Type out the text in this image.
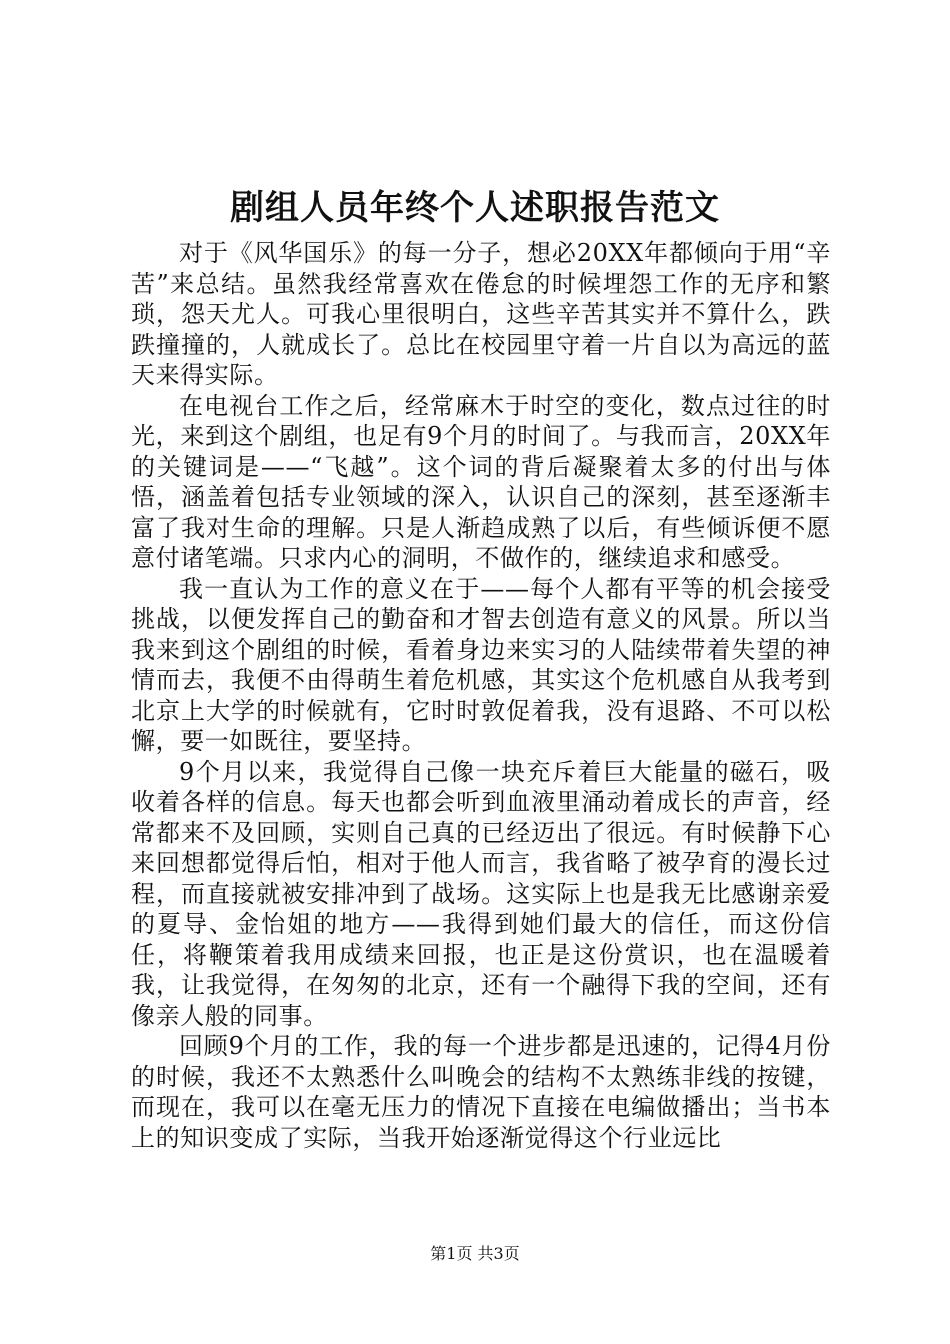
剧组人员年终个人述职报告范文

对于《风华国乐》的每一分子，想必20XX年都倾向于用“辛苦”来总结。虽然我经常喜欢在倦怠的时候埋怨工作的无序和繁琐，怨天尤人。可我心里很明白，这些辛苦其实并不算什么，跌跌撞撞的，人就成长了。总比在校园里守着一片自以为高远的蓝天来得实际。

在电视台工作之后，经常麻木于时空的变化，数点过往的时光，来到这个剧组，也足有9个月的时间了。与我而言，20XX年的关键词是——“飞越”。这个词的背后凝聚着太多的付出与体悟，涵盖着包括专业领域的深入，认识自己的深刻，甚至逐渐丰富了我对生命的理解。只是人渐趋成熟了以后，有些倾诉便不愿意付诸笔端。只求内心的洞明，不做作的，继续追求和感受。

我一直认为工作的意义在于——每个人都有平等的机会接受挑战，以便发挥自己的勤奋和才智去创造有意义的风景。所以当我来到这个剧组的时候，看着身边来实习的人陆续带着失望的神情而去，我便不由得萌生着危机感，其实这个危机感自从我考到北京上大学的时候就有，它时时敦促着我，没有退路、不可以松懈，要一如既往，要坚持。

9个月以来，我觉得自己像一块充斥着巨大能量的磁石，吸收着各样的信息。每天也都会听到血液里涌动着成长的声音，经常都来不及回顾，实则自己真的已经迈出了很远。有时候静下心来回想都觉得后怕，相对于他人而言，我省略了被孕育的漫长过程，而直接就被安排冲到了战场。这实际上也是我无比感谢亲爱的夏导、金怡姐的地方——我得到她们最大的信任，而这份信任，将鞭策着我用成绩来回报，也正是这份赏识，也在温暖着我，让我觉得，在匆匆的北京，还有一个融得下我的空间，还有像亲人般的同事。

回顾9个月的工作，我的每一个进步都是迅速的，记得4月份的时候，我还不太熟悉什么叫晚会的结构不太熟练非线的按键，而现在，我可以在毫无压力的情况下直接在电编做播出；当书本上的知识变成了实际，当我开始逐渐觉得这个行业远比

第1页 共3页
